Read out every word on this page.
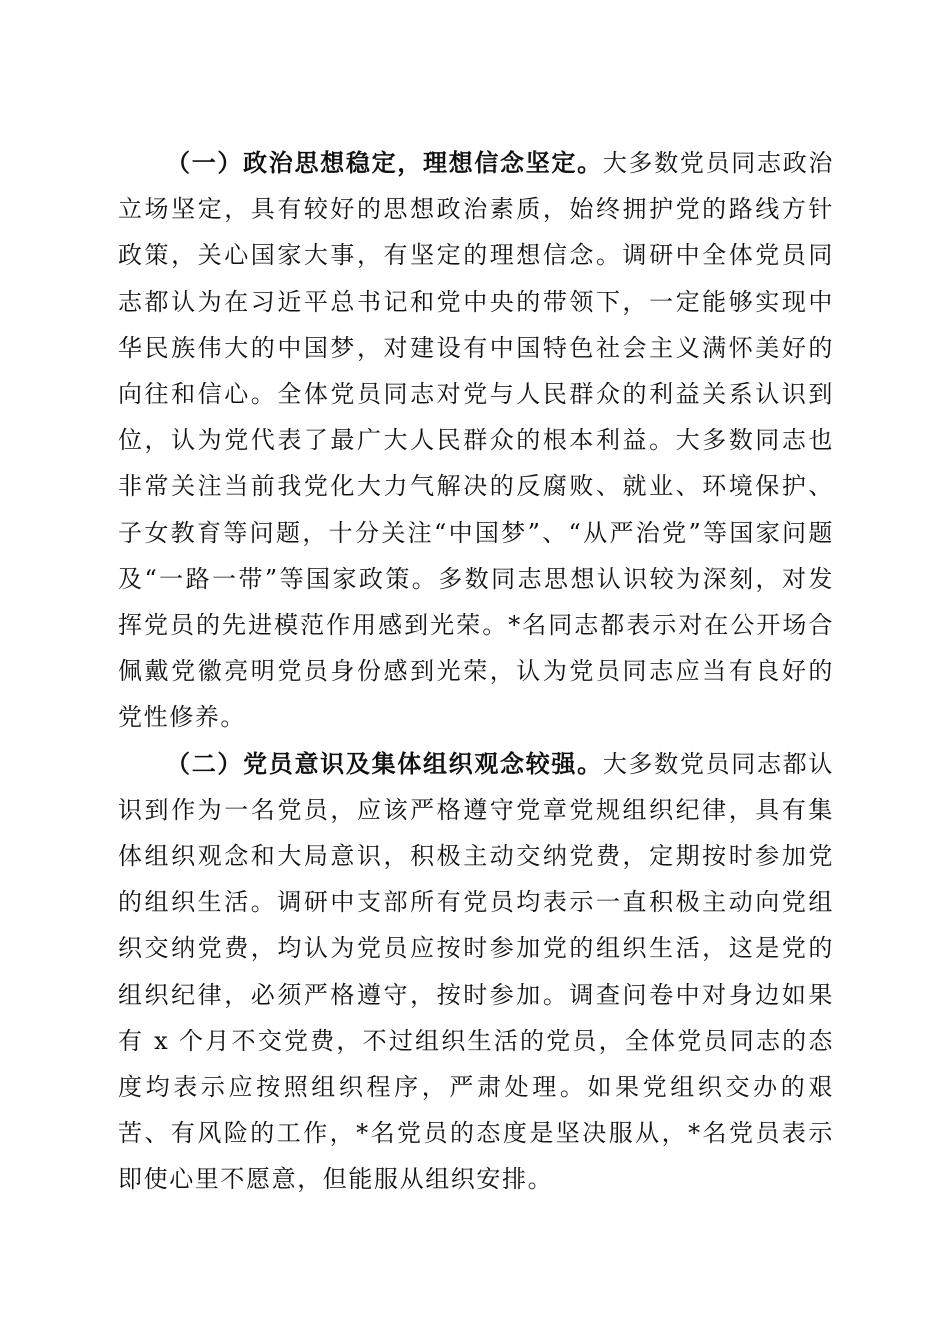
（一）政治思想稳定，理想信念坚定。大多数党员同志政治立场坚定，具有较好的思想政治素质，始终拥护党的路线方针政策，关心国家大事，有坚定的理想信念。调研中全体党员同志都认为在习近平总书记和党中央的带领下，一定能够实现中华民族伟大的中国梦，对建设有中国特色社会主义满怀美好的向往和信心。全体党员同志对党与人民群众的利益关系认识到位，认为党代表了最广大人民群众的根本利益。大多数同志也非常关注当前我党化大力气解决的反腐败、就业、环境保护、子女教育等问题，十分关注“中国梦”、“从严治党”等国家问题及“一路一带”等国家政策。多数同志思想认识较为深刻，对发挥党员的先进模范作用感到光荣。*名同志都表示对在公开场合佩戴党徽亮明党员身份感到光荣，认为党员同志应当有良好的党性修养。

（二）党员意识及集体组织观念较强。大多数党员同志都认识到作为一名党员，应该严格遵守党章党规组织纪律，具有集体组织观念和大局意识，积极主动交纳党费，定期按时参加党的组织生活。调研中支部所有党员均表示一直积极主动向党组织交纳党费，均认为党员应按时参加党的组织生活，这是党的组织纪律，必须严格遵守，按时参加。调查问卷中对身边如果有 x 个月不交党费，不过组织生活的党员，全体党员同志的态度均表示应按照组织程序，严肃处理。如果党组织交办的艰苦、有风险的工作，*名党员的态度是坚决服从，*名党员表示即使心里不愿意，但能服从组织安排。
